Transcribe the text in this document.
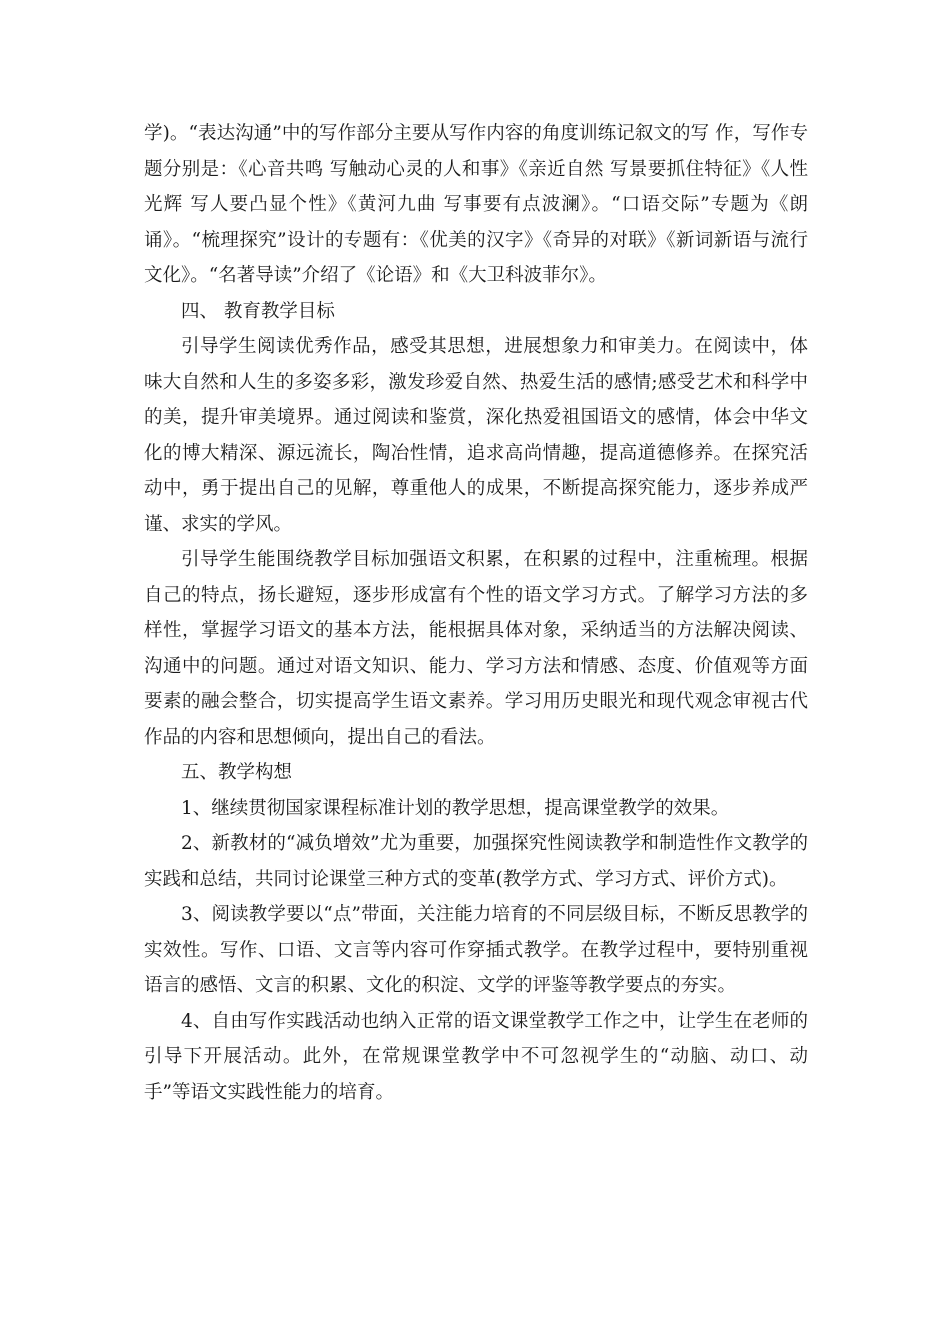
学)。“表达沟通”中的写作部分主要从写作内容的角度训练记叙文的写 作，写作专题分别是：《心音共鸣 写触动心灵的人和事》《亲近自然 写景要抓住特征》《人性光辉 写人要凸显个性》《黄河九曲 写事要有点波澜》。“口语交际”专题为《朗诵》。“梳理探究”设计的专题有：《优美的汉字》《奇异的对联》《新词新语与流行文化》。“名著导读”介绍了《论语》和《大卫科波菲尔》。

四、 教育教学目标

引导学生阅读优秀作品，感受其思想，进展想象力和审美力。在阅读中，体味大自然和人生的多姿多彩，激发珍爱自然、热爱生活的感情;感受艺术和科学中的美，提升审美境界。通过阅读和鉴赏，深化热爱祖国语文的感情，体会中华文化的博大精深、源远流长，陶冶性情，追求高尚情趣，提高道德修养。在探究活动中，勇于提出自己的见解，尊重他人的成果，不断提高探究能力，逐步养成严谨、求实的学风。

引导学生能围绕教学目标加强语文积累，在积累的过程中，注重梳理。根据自己的特点，扬长避短，逐步形成富有个性的语文学习方式。了解学习方法的多样性，掌握学习语文的基本方法，能根据具体对象，采纳适当的方法解决阅读、沟通中的问题。通过对语文知识、能力、学习方法和情感、态度、价值观等方面要素的融会整合，切实提高学生语文素养。学习用历史眼光和现代观念审视古代作品的内容和思想倾向，提出自己的看法。

五、教学构想

1、继续贯彻国家课程标准计划的教学思想，提高课堂教学的效果。

2、新教材的“减负增效”尤为重要，加强探究性阅读教学和制造性作文教学的实践和总结，共同讨论课堂三种方式的变革(教学方式、学习方式、评价方式)。

3、阅读教学要以“点”带面，关注能力培育的不同层级目标，不断反思教学的实效性。写作、口语、文言等内容可作穿插式教学。在教学过程中，要特别重视语言的感悟、文言的积累、文化的积淀、文学的评鉴等教学要点的夯实。

4、自由写作实践活动也纳入正常的语文课堂教学工作之中，让学生在老师的引导下开展活动。此外，在常规课堂教学中不可忽视学生的“动脑、动口、动手”等语文实践性能力的培育。
